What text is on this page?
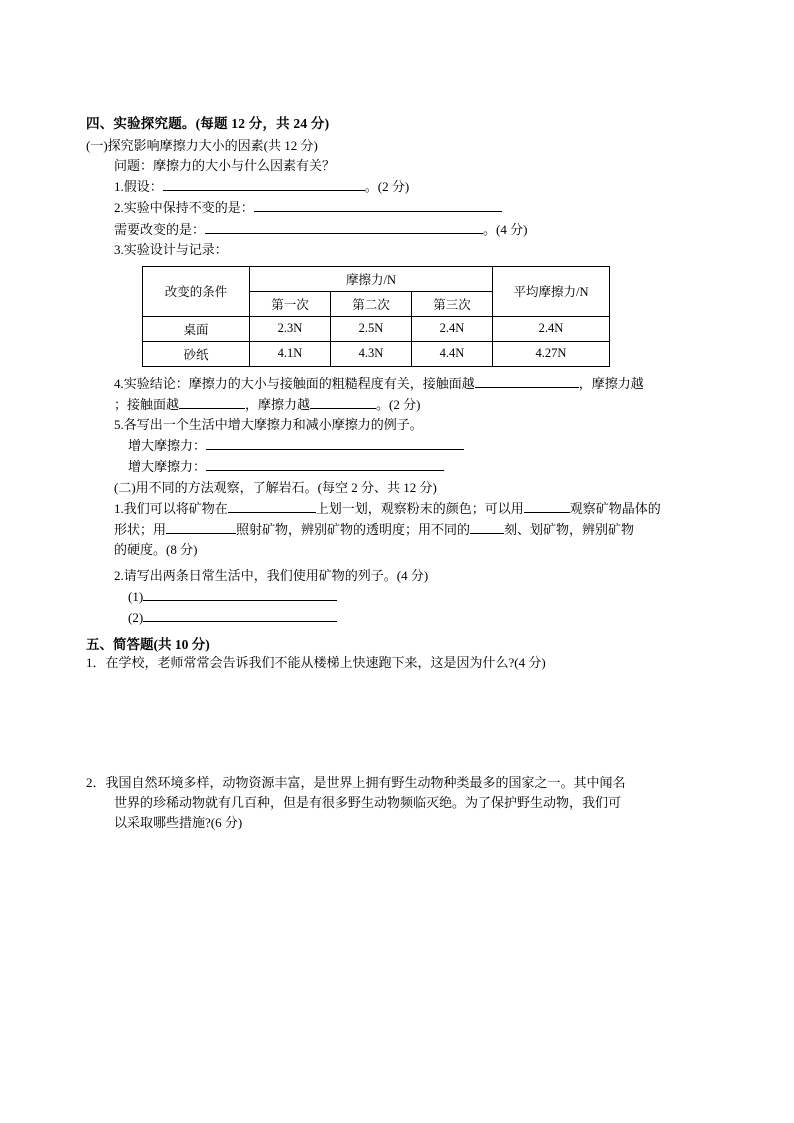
四、实验探究题。(每题 12 分，共 24 分)

(一)探究影响摩擦力大小的因素(共 12 分)

问题：摩擦力的大小与什么因素有关？

1.假设：	。(2 分)

2.实验中保持不变的是：

需要改变的是：	。(4 分)

3.实验设计与记录：

改变的条件	摩擦力/N			平均摩擦力/N
	第一次	第二次	第三次	
桌面	2.3N	2.5N	2.4N	2.4N
砂纸	4.1N	4.3N	4.4N	4.27N

4.实验结论：摩擦力的大小与接触面的粗糙程度有关，接触面越	，摩擦力越

；接触面越	，摩擦力越	。(2 分)

5.各写出一个生活中增大摩擦力和减小摩擦力的例子。

增大摩擦力：

增大摩擦力：

(二)用不同的方法观察，了解岩石。(每空 2 分、共 12 分)

1.我们可以将矿物在	上划一划，观察粉末的颜色；可以用	观察矿物晶体的

形状；用	照射矿物，辨别矿物的透明度；用不同的	刻、划矿物，辨别矿物

的硬度。(8 分)

2.请写出两条日常生活中，我们使用矿物的列子。(4 分)

(1)

(2)

五、简答题(共 10 分)

1．在学校，老师常常会告诉我们不能从楼梯上快速跑下来，这是因为什么?(4 分)

2．我国自然环境多样，动物资源丰富，是世界上拥有野生动物种类最多的国家之一。其中闻名

世界的珍稀动物就有几百种，但是有很多野生动物频临灭绝。为了保护野生动物，我们可

以采取哪些措施?(6 分)
